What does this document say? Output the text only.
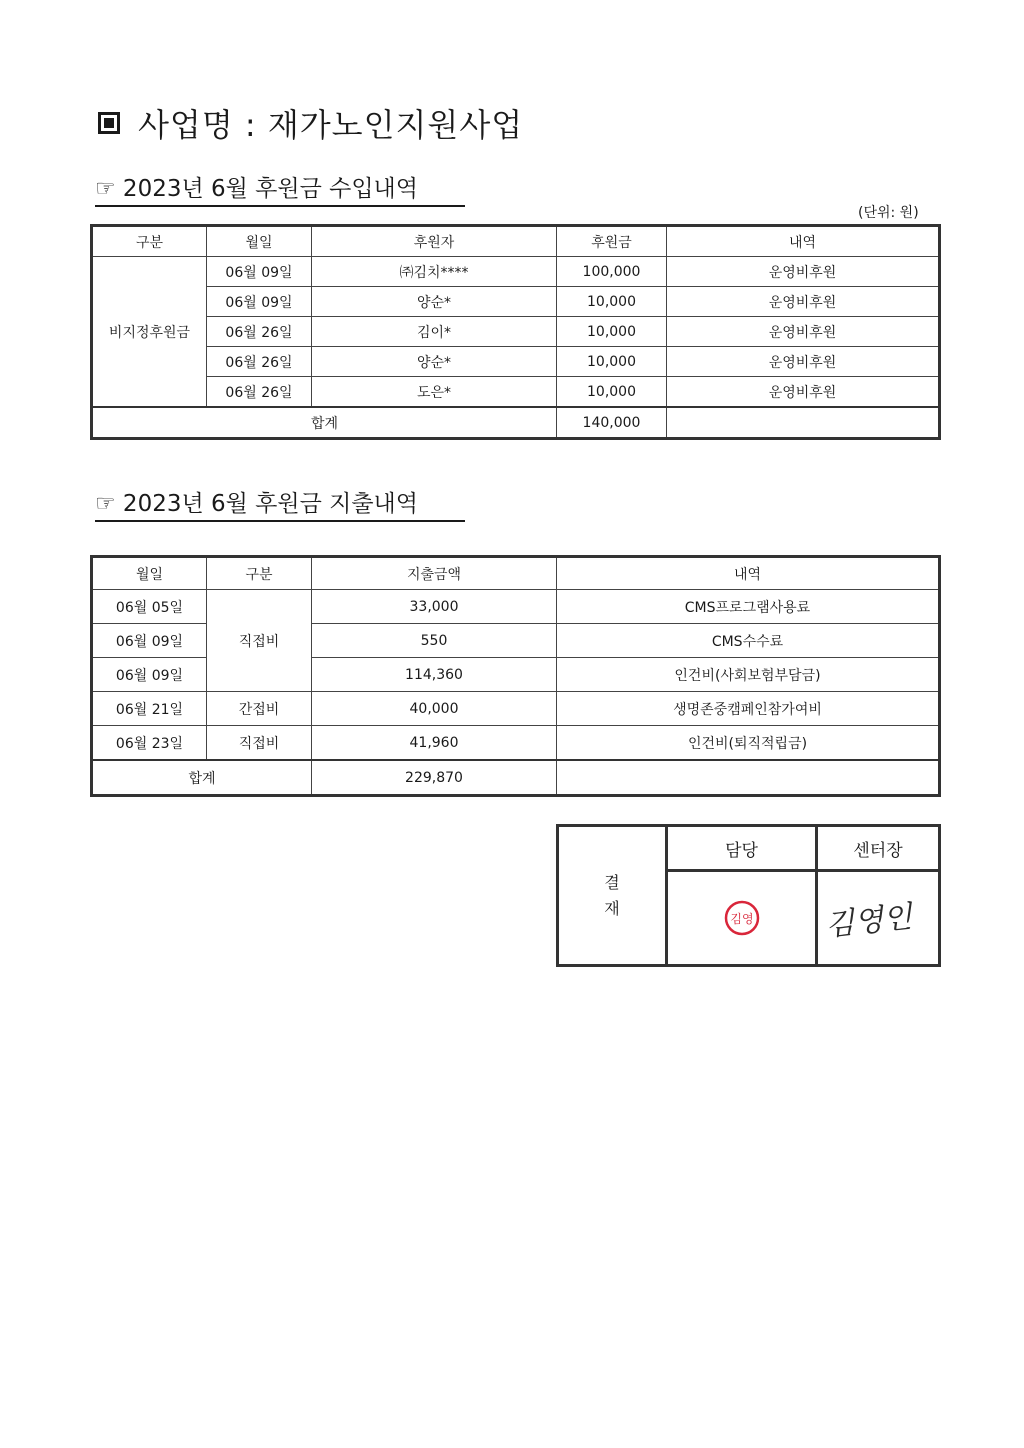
사업명 : 재가노인지원사업
☞ 2023년 6월 후원금 수입내역
(단위: 원)
구분	월일	후원자	후원금	내역
비지정후원금	06월 09일	㈜김치****	100,000	운영비후원
	06월 09일	양순*	10,000	운영비후원
	06월 26일	김이*	10,000	운영비후원
	06월 26일	양순*	10,000	운영비후원
	06월 26일	도은*	10,000	운영비후원
합계			140,000	
☞ 2023년 6월 후원금 지출내역
월일	구분	지출금액	내역
06월 05일	직접비	33,000	CMS프로그램사용료
06월 09일		550	CMS수수료
06월 09일		114,360	인건비(사회보험부담금)
06월 21일	간접비	40,000	생명존중캠페인참가여비
06월 23일	직접비	41,960	인건비(퇴직적립금)
합계		229,870	
결재
담당	센터장
김영 김영인
